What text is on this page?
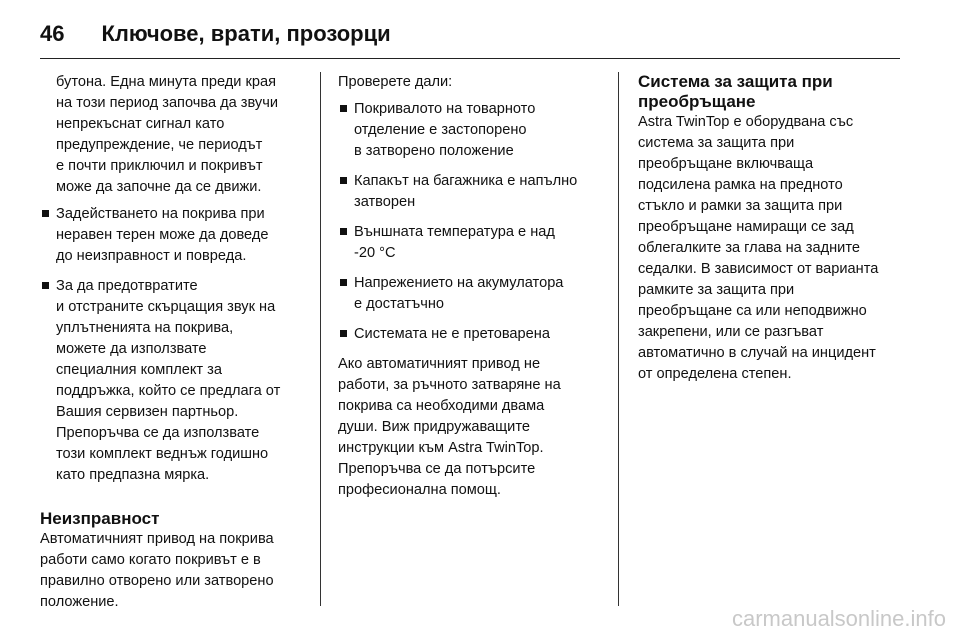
46 Ключове, врати, прозорци
бутона. Една минута преди края
на този период започва да звучи
непрекъснат сигнал като
предупреждение, че периодът
е почти приключил и покривът
може да започне да се движи.
Задействането на покрива при
неравен терен може да доведе
до неизправност и повреда.
За да предотвратите
и отстраните скърцащия звук на
уплътненията на покрива,
можете да използвате
специалния комплект за
поддръжка, който се предлага от
Вашия сервизен партньор.
Препоръчва се да използвате
този комплект веднъж годишно
като предпазна мярка.
Неизправност
Автоматичният привод на покрива
работи само когато покривът е в
правилно отворено или затворено
положение.

Проверете дали:

Покривалото на товарното
отделение е застопорено
в затворено положение
Капакът на багажника е напълно
затворен
Външната температура е над
-20 °C
Напрежението на акумулатора
е достатъчно
Системата не е претоварена
Ако автоматичният привод не
работи, за ръчното затваряне на
покрива са необходими двама
души. Виж придружаващите
инструкции към Astra TwinTop.
Препоръчва се да потърсите
професионална помощ.
Система за защита при
преобръщане
Astra TwinTop е оборудвана със
система за защита при
преобръщане включваща
подсилена рамка на предното
стъкло и рамки за защита при
преобръщане намиращи се зад
облегалките за глава на задните
седалки. В зависимост от варианта
рамките за защита при
преобръщане са или неподвижно
закрепени, или се разгъват
автоматично в случай на инцидент
от определена степен.
carmanualsonline.info
